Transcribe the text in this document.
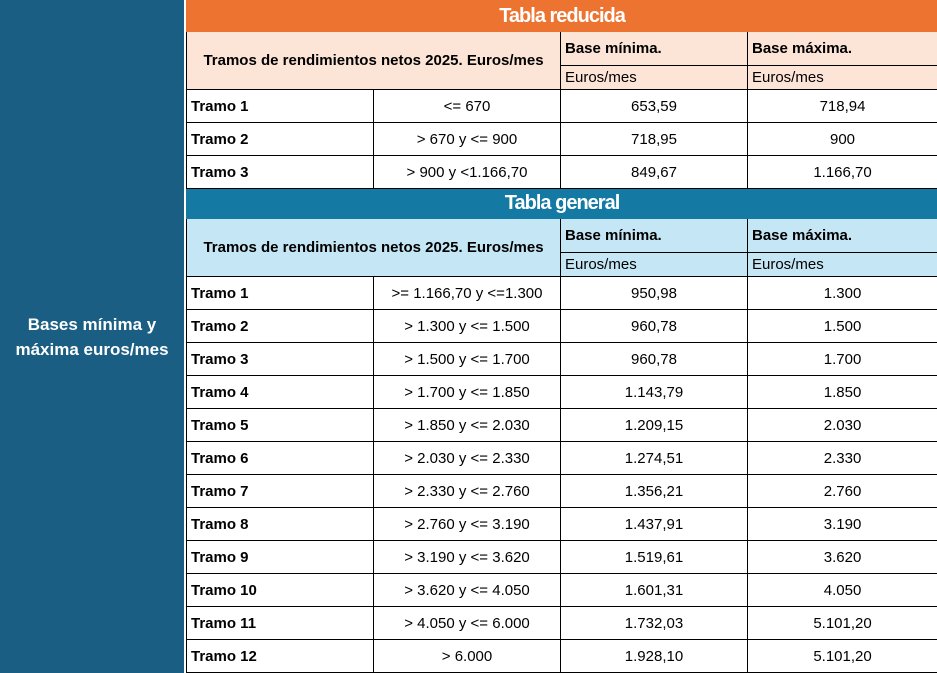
Bases mínima y máxima euros/mes
Tabla reducida			
Tramos de rendimientos netos 2025. Euros/mes		Base mínima.	Base máxima.
		Euros/mes	Euros/mes
Tramo 1	<= 670	653,59	718,94
Tramo 2	> 670 y <= 900	718,95	900
Tramo 3	> 900 y <1.166,70	849,67	1.166,70
Tabla general			
Tramos de rendimientos netos 2025. Euros/mes		Base mínima.	Base máxima.
		Euros/mes	Euros/mes
Tramo 1	>= 1.166,70 y <=1.300	950,98	1.300
Tramo 2	> 1.300 y <= 1.500	960,78	1.500
Tramo 3	> 1.500 y <= 1.700	960,78	1.700
Tramo 4	> 1.700 y <= 1.850	1.143,79	1.850
Tramo 5	> 1.850 y <= 2.030	1.209,15	2.030
Tramo 6	> 2.030 y <= 2.330	1.274,51	2.330
Tramo 7	> 2.330 y <= 2.760	1.356,21	2.760
Tramo 8	> 2.760 y <= 3.190	1.437,91	3.190
Tramo 9	> 3.190 y <= 3.620	1.519,61	3.620
Tramo 10	> 3.620 y <= 4.050	1.601,31	4.050
Tramo 11	> 4.050 y <= 6.000	1.732,03	5.101,20
Tramo 12	> 6.000	1.928,10	5.101,20
